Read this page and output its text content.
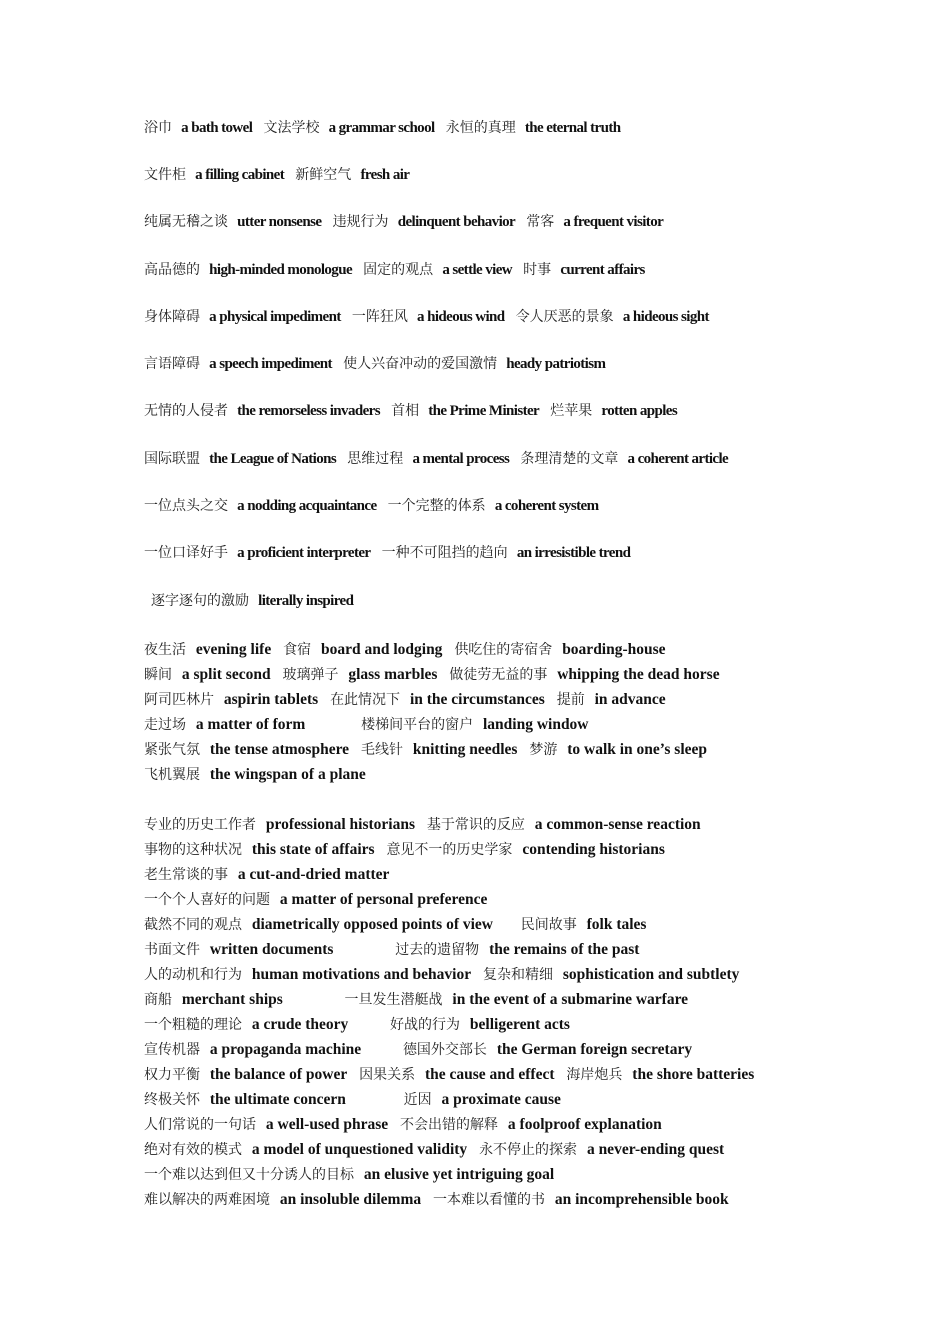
浴巾 a bath towel 文法学校 a grammar school 永恒的真理 the eternal truth
文件柜 a filling cabinet 新鲜空气 fresh air
纯属无稽之谈 utter nonsense 违规行为 delinquent behavior 常客 a frequent visitor
高品德的 high-minded monologue 固定的观点 a settle view 时事 current affairs
身体障碍 a physical impediment 一阵狂风 a hideous wind 令人厌恶的景象 a hideous sight
言语障碍 a speech impediment 使人兴奋冲动的爱国激情 heady patriotism
无情的人侵者 the remorseless invaders 首相 the Prime Minister 烂苹果 rotten apples
国际联盟 the League of Nations 思维过程 a mental process 条理清楚的文章 a coherent article
一位点头之交 a nodding acquaintance 一个完整的体系 a coherent system
一位口译好手 a proficient interpreter 一种不可阻挡的趋向 an irresistible trend
逐字逐句的激励 literally inspired
夜生活 evening life 食宿 board and lodging 供吃住的寄宿舍 boarding-house
瞬间 a split second 玻璃弹子 glass marbles 做徒劳无益的事 whipping the dead horse
阿司匹林片 aspirin tablets 在此情况下 in the circumstances 提前 in advance
走过场 a matter of form	楼梯间平台的窗户 landing window
紧张气氛 the tense atmosphere 毛线针 knitting needles 梦游 to walk in one’s sleep
飞机翼展 the wingspan of a plane
专业的历史工作者 professional historians 基于常识的反应 a common-sense reaction
事物的这种状况 this state of affairs 意见不一的历史学家 contending historians
老生常谈的事 a cut-and-dried matter
一个个人喜好的问题 a matter of personal preference
截然不同的观点 diametrically opposed points of view 民间故事 folk tales
书面文件 written documents	过去的遗留物 the remains of the past
人的动机和行为 human motivations and behavior 复杂和精细 sophistication and subtlety
商船 merchant ships	一旦发生潜艇战 in the event of a submarine warfare
一个粗糙的理论 a crude theory	好战的行为 belligerent acts
宣传机器 a propaganda machine	德国外交部长 the German foreign secretary
权力平衡 the balance of power 因果关系 the cause and effect 海岸炮兵 the shore batteries
终极关怀 the ultimate concern	近因 a proximate cause
人们常说的一句话 a well-used phrase 不会出错的解释 a foolproof explanation
绝对有效的模式 a model of unquestioned validity 永不停止的探索 a never-ending quest
一个难以达到但又十分诱人的目标 an elusive yet intriguing goal
难以解决的两难困境 an insoluble dilemma 一本难以看懂的书 an incomprehensible book
